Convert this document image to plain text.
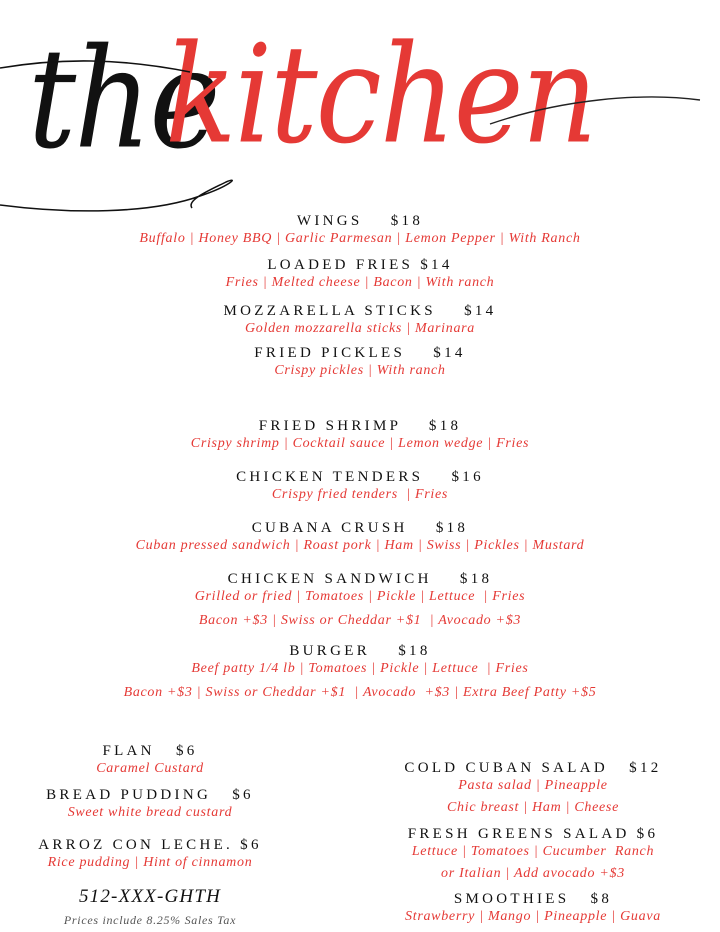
the
kitchen
WINGS    $18
Buffalo | Honey BBQ | Garlic Parmesan | Lemon Pepper | With Ranch
LOADED FRIES $14
Fries | Melted cheese | Bacon | With ranch
MOZZARELLA STICKS    $14
Golden mozzarella sticks | Marinara
FRIED PICKLES    $14
Crispy pickles | With ranch
FRIED SHRIMP    $18
Crispy shrimp | Cocktail sauce | Lemon wedge | Fries
CHICKEN TENDERS    $16
Crispy fried tenders  | Fries
CUBANA CRUSH    $18
Cuban pressed sandwich | Roast pork | Ham | Swiss | Pickles | Mustard
CHICKEN SANDWICH    $18
Grilled or fried | Tomatoes | Pickle | Lettuce  | Fries
Bacon +$3 | Swiss or Cheddar +$1  | Avocado +$3
BURGER    $18
Beef patty 1/4 lb | Tomatoes | Pickle | Lettuce  | Fries
Bacon +$3 | Swiss or Cheddar +$1  | Avocado  +$3 | Extra Beef Patty +$5
FLAN   $6
Caramel Custard
BREAD PUDDING   $6
Sweet white bread custard
ARROZ CON LECHE. $6
Rice pudding | Hint of cinnamon
COLD CUBAN SALAD   $12
Pasta salad | Pineapple
Chic breast | Ham | Cheese
FRESH GREENS SALAD $6
Lettuce | Tomatoes | Cucumber  Ranch
or Italian | Add avocado +$3
SMOOTHIES   $8
Strawberry | Mango | Pineapple | Guava
512-XXX-GHTH
Prices include 8.25% Sales Tax
